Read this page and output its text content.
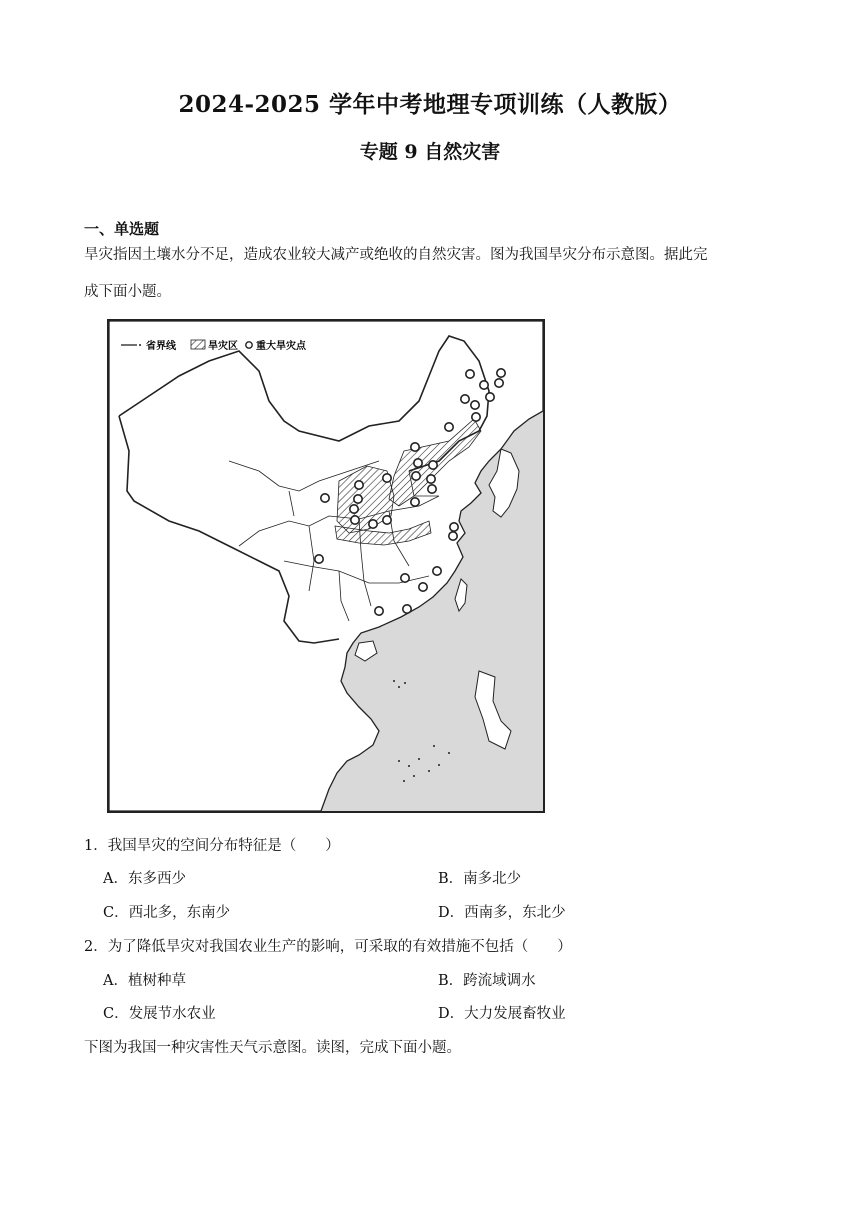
2024-2025 学年中考地理专项训练（人教版）
专题 9 自然灾害
一、单选题
旱灾指因土壤水分不足，造成农业较大减产或绝收的自然灾害。图为我国旱灾分布示意图。据此完
成下面小题。
省界线	旱灾区 重大旱灾点
1．我国旱灾的空间分布特征是（　　）
A．东多西少	B．南多北少
C．西北多，东南少	D．西南多，东北少
2．为了降低旱灾对我国农业生产的影响，可采取的有效措施不包括（　　）
A．植树种草	B．跨流域调水
C．发展节水农业	D．大力发展畜牧业
下图为我国一种灾害性天气示意图。读图，完成下面小题。
